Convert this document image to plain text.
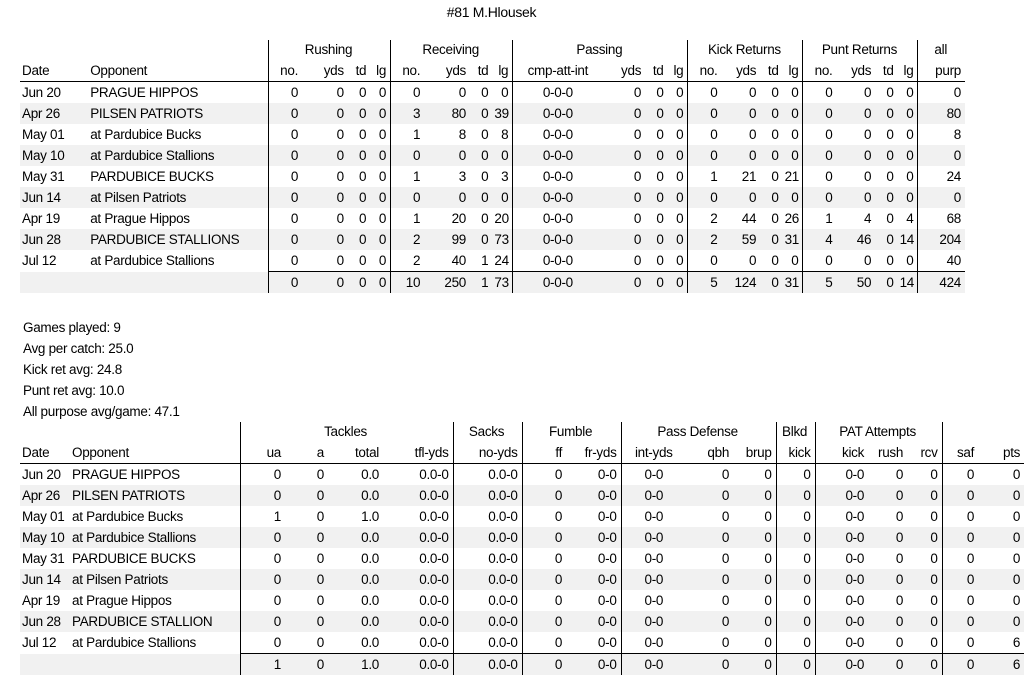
#81 M.Hlousek
		Rushing				Receiving				Passing				Kick Returns				Punt Returns				all
Date	Opponent	no.	yds	td	lg	no.	yds	td	lg	cmp-att-int	yds	td	lg	no.	yds	td	lg	no.	yds	td	lg	purp
Jun 20	PRAGUE HIPPOS	0	0	0	0	0	0	0	0	0-0-0	0	0	0	0	0	0	0	0	0	0	0	0
Apr 26	PILSEN PATRIOTS	0	0	0	0	3	80	0	39	0-0-0	0	0	0	0	0	0	0	0	0	0	0	80
May 01	at Pardubice Bucks	0	0	0	0	1	8	0	8	0-0-0	0	0	0	0	0	0	0	0	0	0	0	8
May 10	at Pardubice Stallions	0	0	0	0	0	0	0	0	0-0-0	0	0	0	0	0	0	0	0	0	0	0	0
May 31	PARDUBICE BUCKS	0	0	0	0	1	3	0	3	0-0-0	0	0	0	1	21	0	21	0	0	0	0	24
Jun 14	at Pilsen Patriots	0	0	0	0	0	0	0	0	0-0-0	0	0	0	0	0	0	0	0	0	0	0	0
Apr 19	at Prague Hippos	0	0	0	0	1	20	0	20	0-0-0	0	0	0	2	44	0	26	1	4	0	4	68
Jun 28	PARDUBICE STALLIONS	0	0	0	0	2	99	0	73	0-0-0	0	0	0	2	59	0	31	4	46	0	14	204
Jul 12	at Pardubice Stallions	0	0	0	0	2	40	1	24	0-0-0	0	0	0	0	0	0	0	0	0	0	0	40
		0	0	0	0	10	250	1	73	0-0-0	0	0	0	5	124	0	31	5	50	0	14	424
Games played: 9
Avg per catch: 25.0
Kick ret avg: 24.8
Punt ret avg: 10.0
All purpose avg/game: 47.1
		Tackles				Sacks	Fumble		Pass Defense			Blkd	PAT Attempts				
Date	Opponent	ua	a	total	tfl-yds	no-yds	ff	fr-yds	int-yds	qbh	brup	kick	kick	rush	rcv	saf	pts
Jun 20	PRAGUE HIPPOS	0	0	0.0	0.0-0	0.0-0	0	0-0	0-0	0	0	0	0-0	0	0	0	0
Apr 26	PILSEN PATRIOTS	0	0	0.0	0.0-0	0.0-0	0	0-0	0-0	0	0	0	0-0	0	0	0	0
May 01	at Pardubice Bucks	1	0	1.0	0.0-0	0.0-0	0	0-0	0-0	0	0	0	0-0	0	0	0	0
May 10	at Pardubice Stallions	0	0	0.0	0.0-0	0.0-0	0	0-0	0-0	0	0	0	0-0	0	0	0	0
May 31	PARDUBICE BUCKS	0	0	0.0	0.0-0	0.0-0	0	0-0	0-0	0	0	0	0-0	0	0	0	0
Jun 14	at Pilsen Patriots	0	0	0.0	0.0-0	0.0-0	0	0-0	0-0	0	0	0	0-0	0	0	0	0
Apr 19	at Prague Hippos	0	0	0.0	0.0-0	0.0-0	0	0-0	0-0	0	0	0	0-0	0	0	0	0
Jun 28	PARDUBICE STALLION	0	0	0.0	0.0-0	0.0-0	0	0-0	0-0	0	0	0	0-0	0	0	0	0
Jul 12	at Pardubice Stallions	0	0	0.0	0.0-0	0.0-0	0	0-0	0-0	0	0	0	0-0	0	0	0	6
		1	0	1.0	0.0-0	0.0-0	0	0-0	0-0	0	0	0	0-0	0	0	0	6
